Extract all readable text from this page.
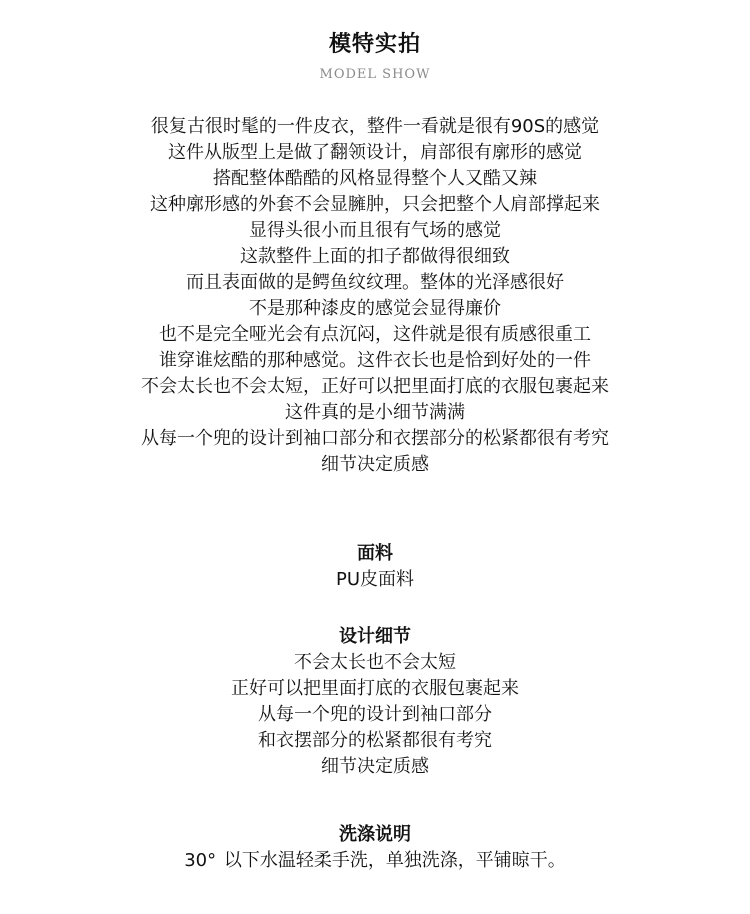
模特实拍
MODEL SHOW
很复古很时髦的一件皮衣，整件一看就是很有90S的感觉
这件从版型上是做了翻领设计，肩部很有廓形的感觉
搭配整体酷酷的风格显得整个人又酷又辣
这种廓形感的外套不会显臃肿，只会把整个人肩部撑起来
显得头很小而且很有气场的感觉
这款整件上面的扣子都做得很细致
而且表面做的是鳄鱼纹纹理。整体的光泽感很好
不是那种漆皮的感觉会显得廉价
也不是完全哑光会有点沉闷，这件就是很有质感很重工
谁穿谁炫酷的那种感觉。这件衣长也是恰到好处的一件
不会太长也不会太短，正好可以把里面打底的衣服包裹起来
这件真的是小细节满满
从每一个兜的设计到袖口部分和衣摆部分的松紧都很有考究
细节决定质感
面料
PU皮面料
设计细节
不会太长也不会太短
正好可以把里面打底的衣服包裹起来
从每一个兜的设计到袖口部分
和衣摆部分的松紧都很有考究
细节决定质感
洗涤说明
30° 以下水温轻柔手洗，单独洗涤，平铺晾干。
